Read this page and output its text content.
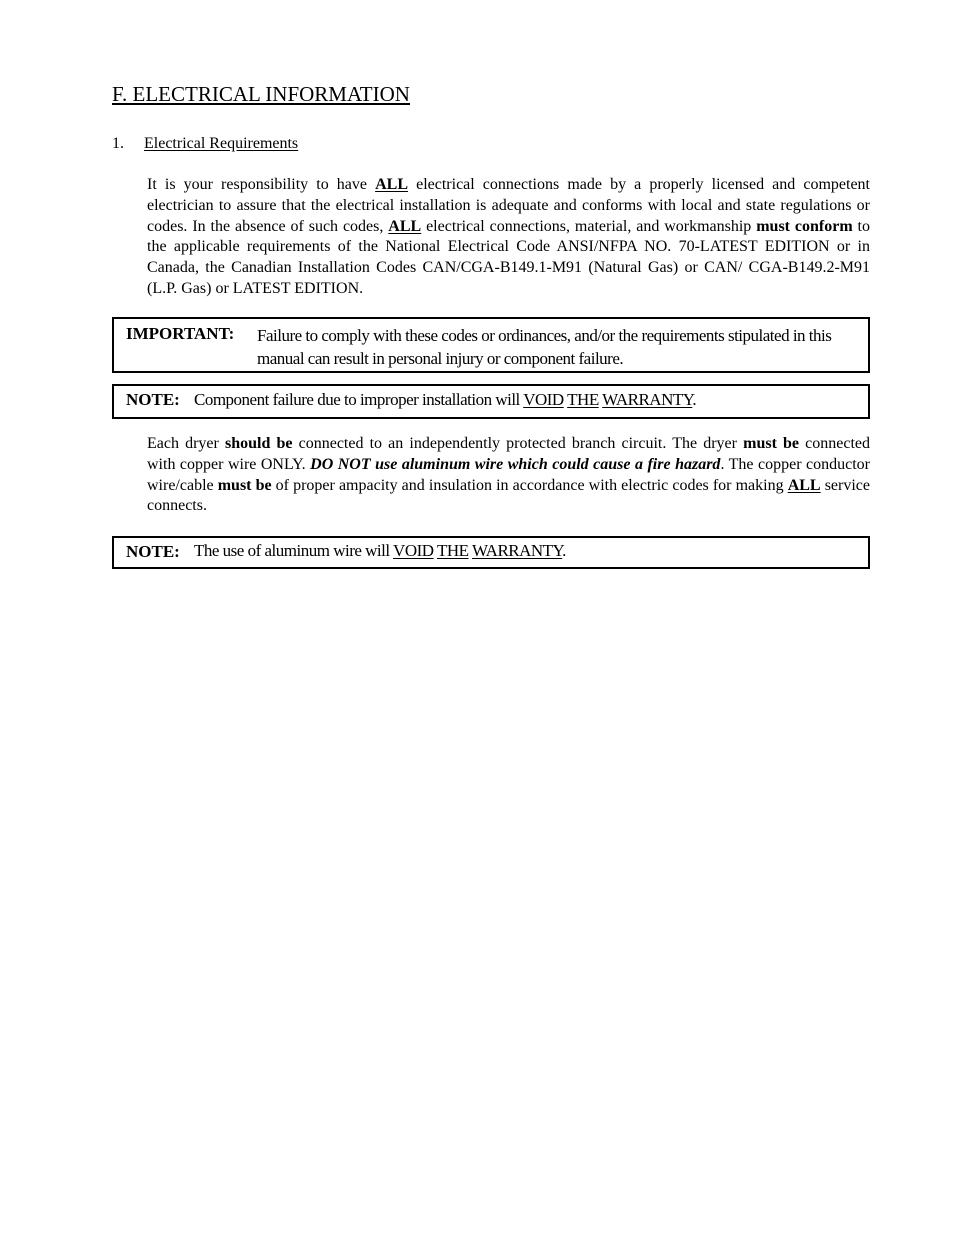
F. ELECTRICAL INFORMATION
1. Electrical Requirements

It is your responsibility to have ALL electrical connections made by a properly licensed and competent electrician to assure that the electrical installation is adequate and conforms with local and state regulations or codes. In the absence of such codes, ALL electrical connections, material, and workmanship must conform to the applicable requirements of the National Electrical Code ANSI/NFPA NO. 70-LATEST EDITION or in Canada, the Canadian Installation Codes CAN/CGA-B149.1-M91 (Natural Gas) or CAN/ CGA-B149.2-M91 (L.P. Gas) or LATEST EDITION.

IMPORTANT: Failure to comply with these codes or ordinances, and/or the requirements stipulated in this manual can result in personal injury or component failure.
NOTE: Component failure due to improper installation will VOID THE WARRANTY.

Each dryer should be connected to an independently protected branch circuit. The dryer must be connected with copper wire ONLY. DO NOT use aluminum wire which could cause a fire hazard. The copper conductor wire/cable must be of proper ampacity and insulation in accordance with electric codes for making ALL service connects.

NOTE: The use of aluminum wire will VOID THE WARRANTY.
